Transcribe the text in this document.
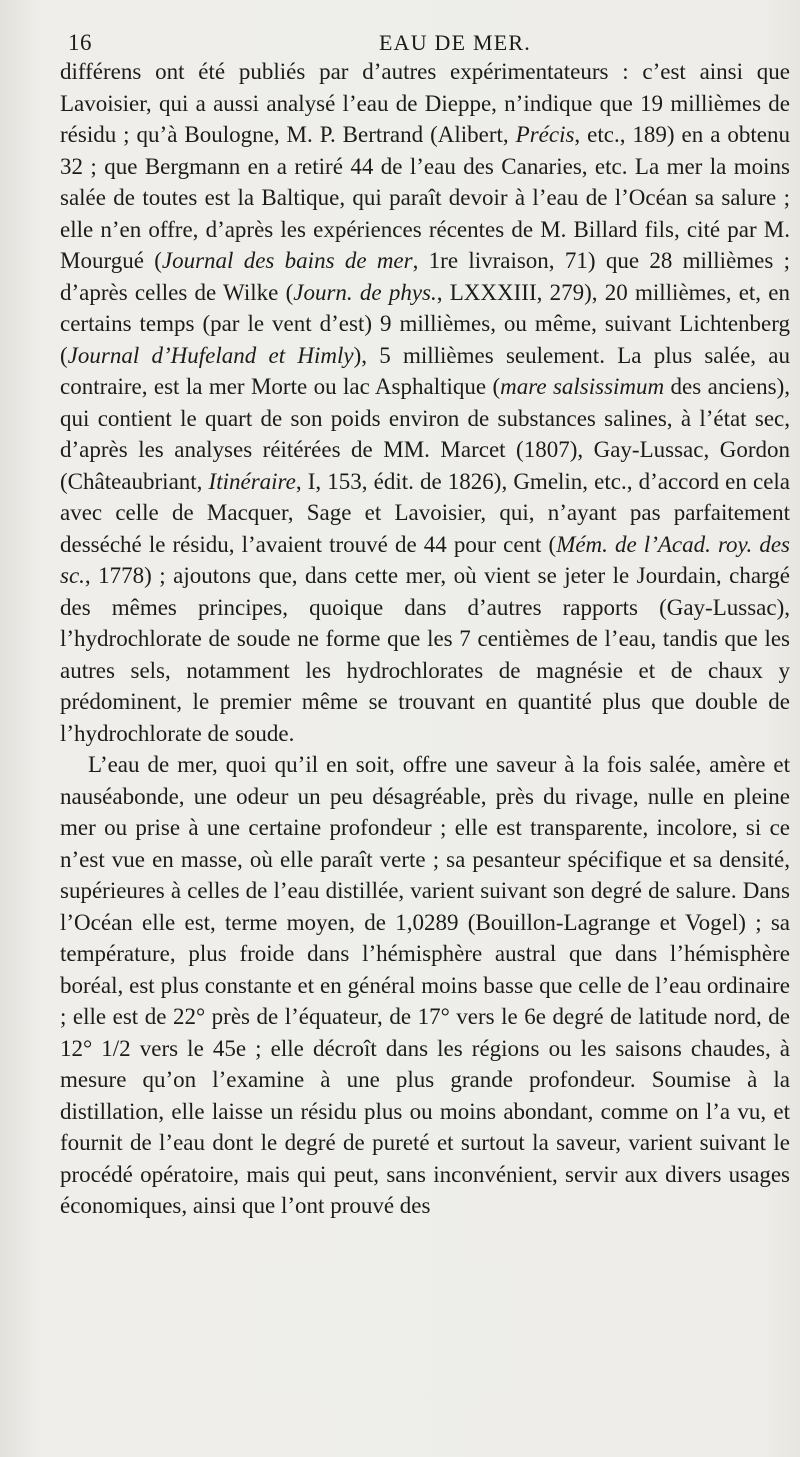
16	EAU DE MER.

différens ont été publiés par d’autres expérimentateurs : c’est ainsi que Lavoisier, qui a aussi analysé l’eau de Dieppe, n’indique que 19 millièmes de résidu ; qu’à Boulogne, M. P. Bertrand (Alibert, Précis, etc., 189) en a obtenu 32 ; que Bergmann en a retiré 44 de l’eau des Canaries, etc. La mer la moins salée de toutes est la Baltique, qui paraît devoir à l’eau de l’Océan sa salure ; elle n’en offre, d’après les expériences récentes de M. Billard fils, cité par M. Mourgué (Journal des bains de mer, 1re livraison, 71) que 28 millièmes ; d’après celles de Wilke (Journ. de phys., LXXXIII, 279), 20 millièmes, et, en certains temps (par le vent d’est) 9 millièmes, ou même, suivant Lichtenberg (Journal d’Hufeland et Himly), 5 millièmes seulement. La plus salée, au contraire, est la mer Morte ou lac Asphaltique (mare salsissimum des anciens), qui contient le quart de son poids environ de substances salines, à l’état sec, d’après les analyses réitérées de MM. Marcet (1807), Gay-Lussac, Gordon (Châteaubriant, Itinéraire, I, 153, édit. de 1826), Gmelin, etc., d’accord en cela avec celle de Macquer, Sage et Lavoisier, qui, n’ayant pas parfaitement desséché le résidu, l’avaient trouvé de 44 pour cent (Mém. de l’Acad. roy. des sc., 1778) ; ajoutons que, dans cette mer, où vient se jeter le Jourdain, chargé des mêmes principes, quoique dans d’autres rapports (Gay-Lussac), l’hydrochlorate de soude ne forme que les 7 centièmes de l’eau, tandis que les autres sels, notamment les hydrochlorates de magnésie et de chaux y prédominent, le premier même se trouvant en quantité plus que double de l’hydrochlorate de soude.

L’eau de mer, quoi qu’il en soit, offre une saveur à la fois salée, amère et nauséabonde, une odeur un peu désagréable, près du rivage, nulle en pleine mer ou prise à une certaine profondeur ; elle est transparente, incolore, si ce n’est vue en masse, où elle paraît verte ; sa pesanteur spécifique et sa densité, supérieures à celles de l’eau distillée, varient suivant son degré de salure. Dans l’Océan elle est, terme moyen, de 1,0289 (Bouillon-Lagrange et Vogel) ; sa température, plus froide dans l’hémisphère austral que dans l’hémisphère boréal, est plus constante et en général moins basse que celle de l’eau ordinaire ; elle est de 22° près de l’équateur, de 17° vers le 6e degré de latitude nord, de 12° 1/2 vers le 45e ; elle décroît dans les régions ou les saisons chaudes, à mesure qu’on l’examine à une plus grande profondeur. Soumise à la distillation, elle laisse un résidu plus ou moins abondant, comme on l’a vu, et fournit de l’eau dont le degré de pureté et surtout la saveur, varient suivant le procédé opératoire, mais qui peut, sans inconvénient, servir aux divers usages économiques, ainsi que l’ont prouvé des
